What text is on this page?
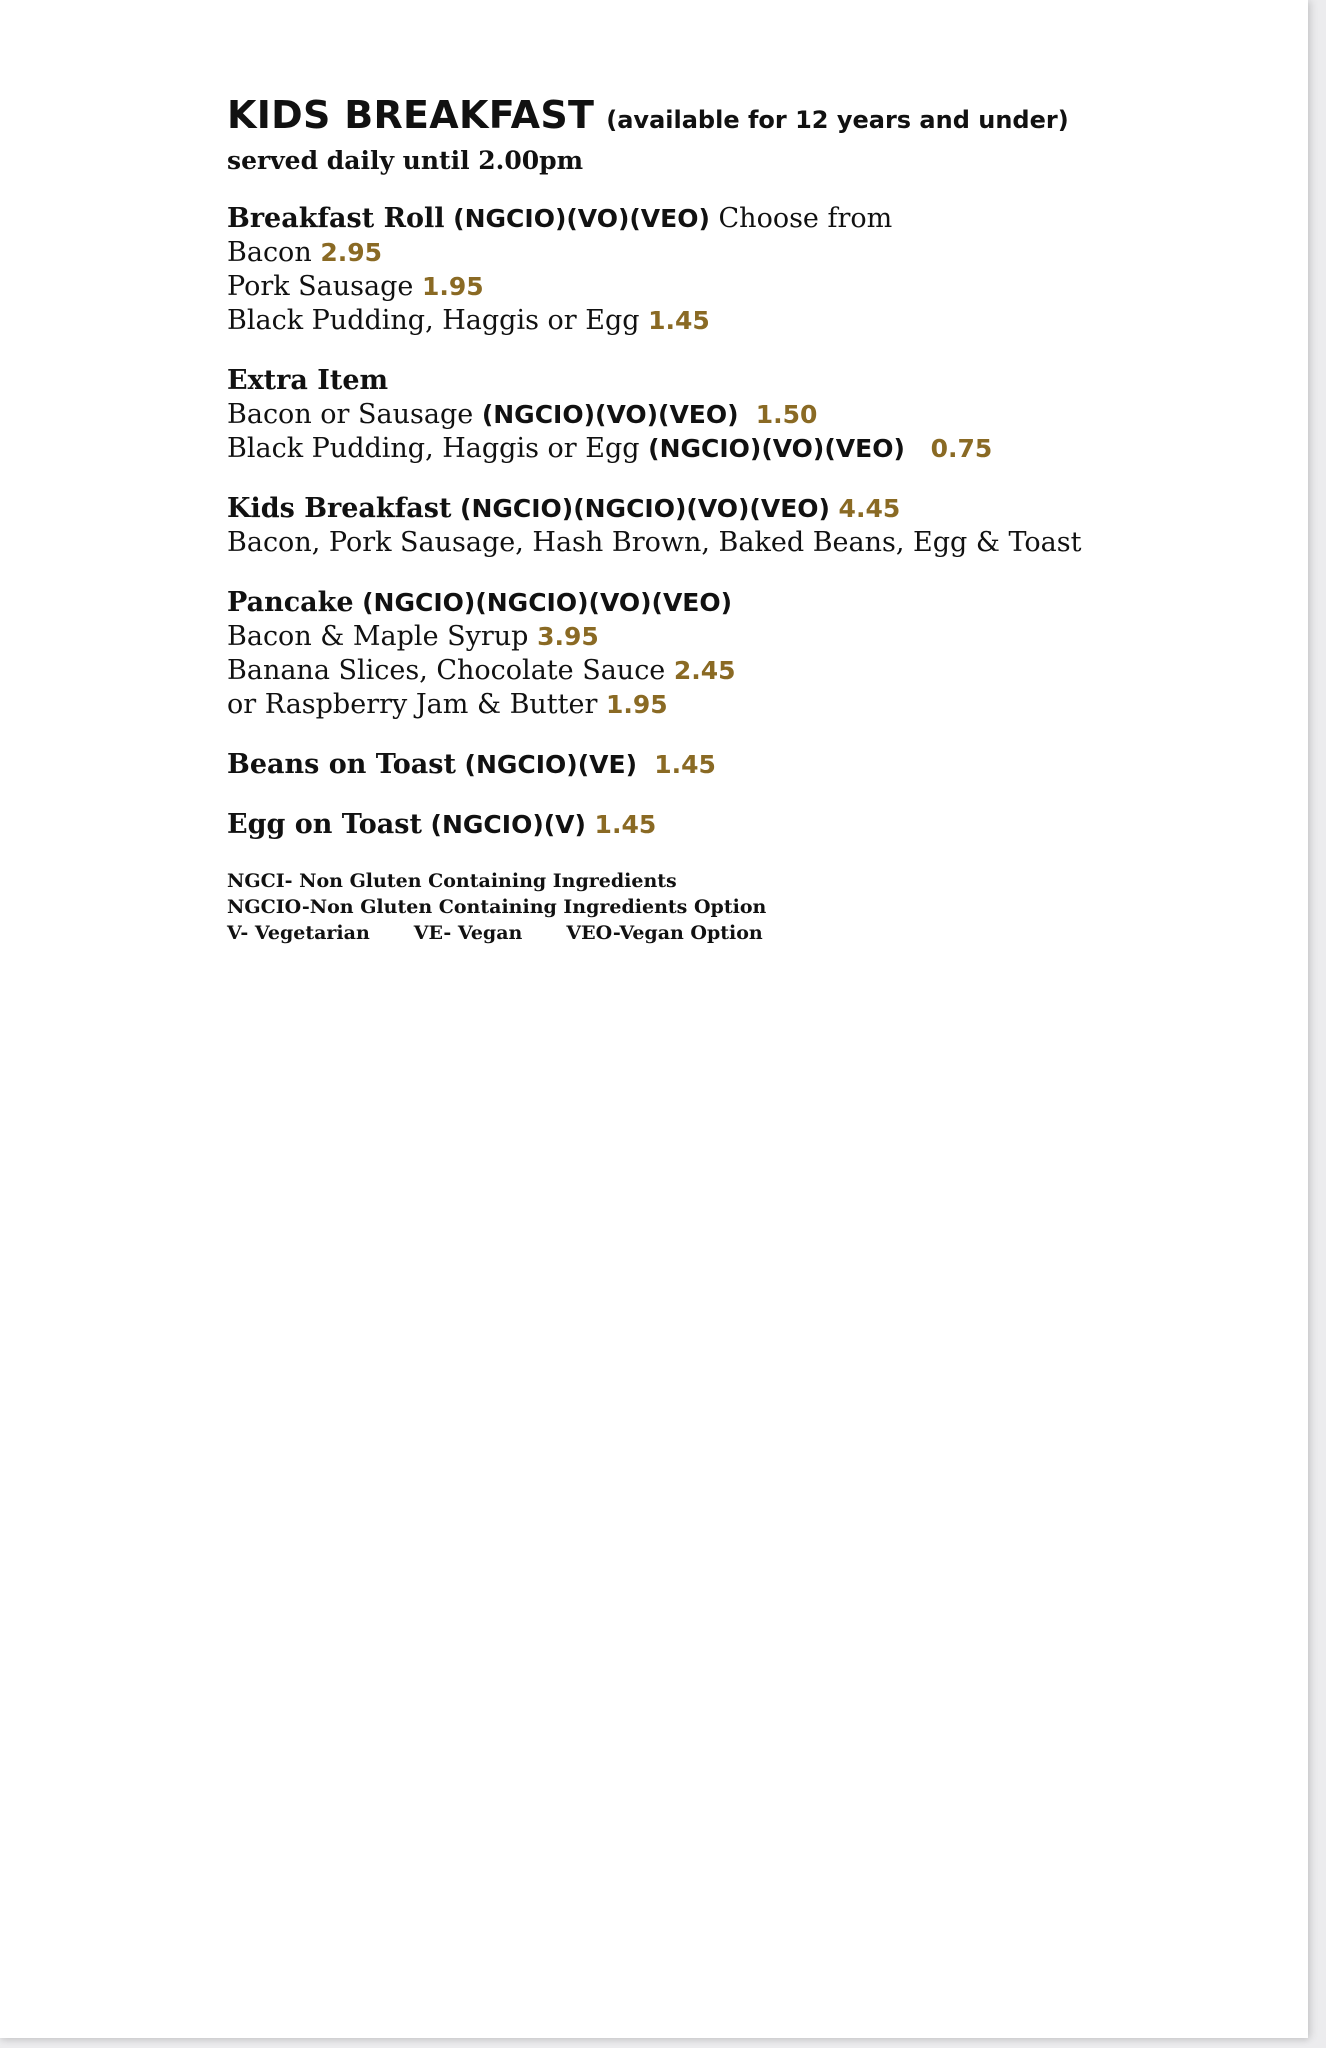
KIDS BREAKFAST (available for 12 years and under)
served daily until 2.00pm
Breakfast Roll (NGCIO)(VO)(VEO) Choose from
Bacon 2.95
Pork Sausage 1.95
Black Pudding, Haggis or Egg 1.45
Extra Item
Bacon or Sausage (NGCIO)(VO)(VEO) 1.50
Black Pudding, Haggis or Egg (NGCIO)(VO)(VEO) 0.75
Kids Breakfast (NGCIO)(NGCIO)(VO)(VEO) 4.45
Bacon, Pork Sausage, Hash Brown, Baked Beans, Egg & Toast
Pancake (NGCIO)(NGCIO)(VO)(VEO)
Bacon & Maple Syrup 3.95
Banana Slices, Chocolate Sauce 2.45
or Raspberry Jam & Butter 1.95
Beans on Toast (NGCIO)(VE) 1.45
Egg on Toast (NGCIO)(V) 1.45
NGCI- Non Gluten Containing Ingredients
NGCIO-Non Gluten Containing Ingredients Option
V- Vegetarian VE- Vegan VEO-Vegan Option
